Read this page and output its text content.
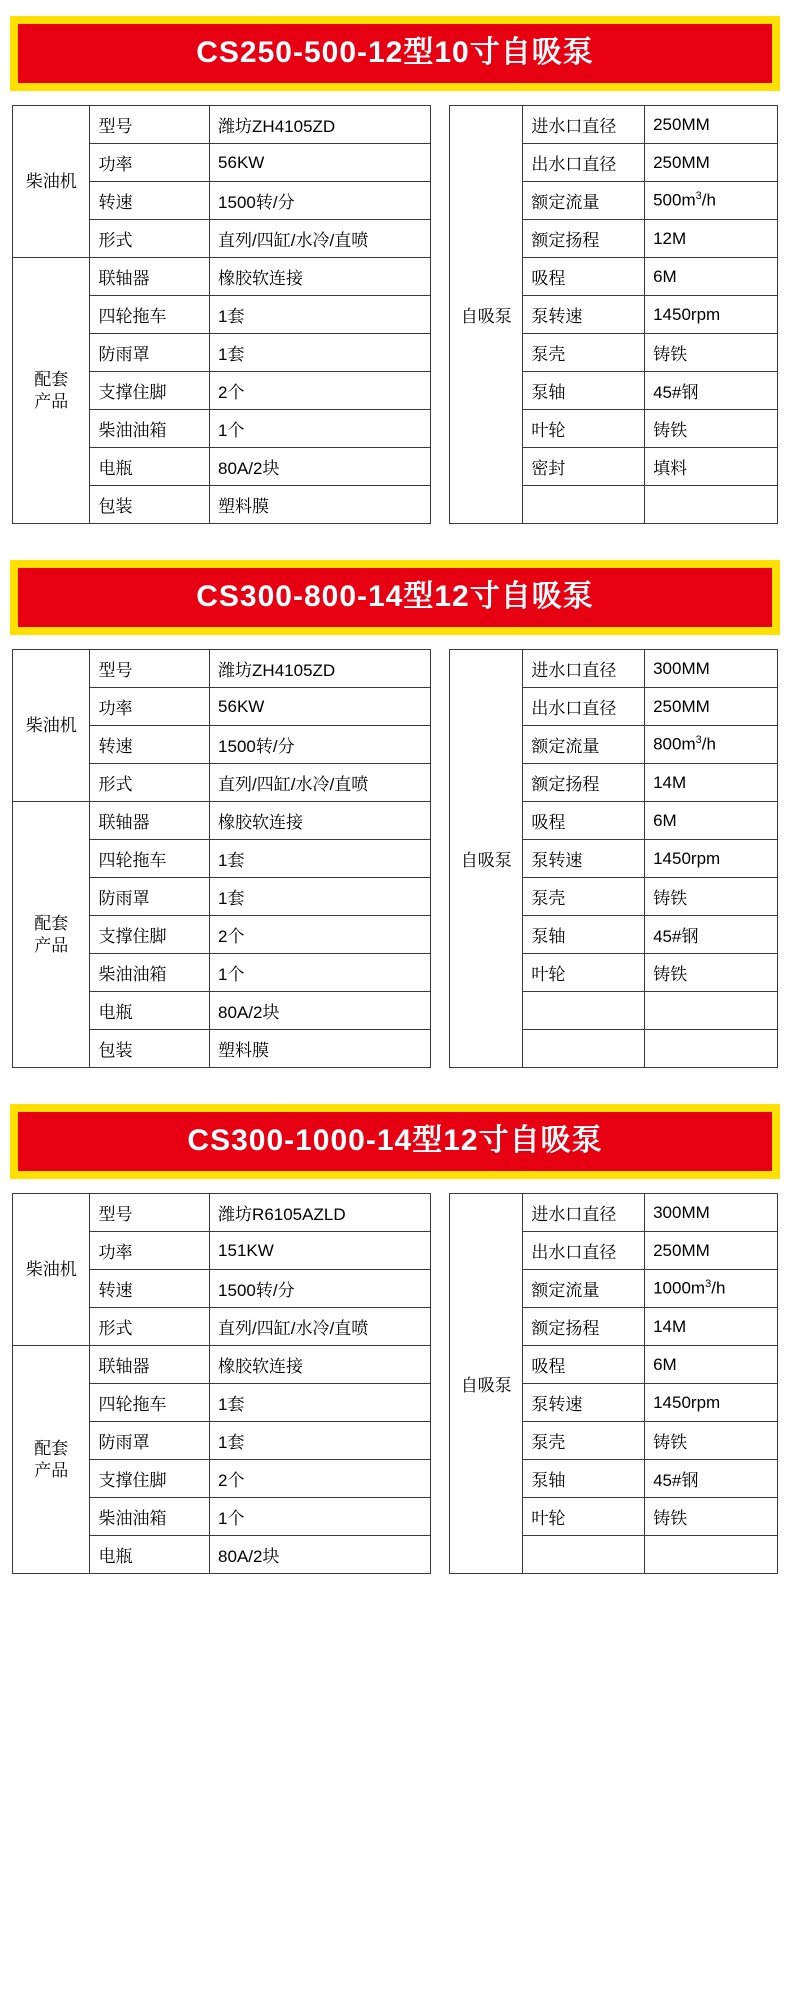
CS250-500-12型10寸自吸泵
柴油机	型号	潍坊ZH4105ZD		自吸泵	进水口直径	250MM
	功率	56KW			出水口直径	250MM
	转速	1500转/分			额定流量	$500m^3/h$
	形式	直列/四缸/水冷/直喷			额定扬程	12M
配套
产品	联轴器	橡胶软连接			吸程	6M
	四轮拖车	1套			泵转速	1450rpm
	防雨罩	1套			泵壳	铸铁
	支撑住脚	2个			泵轴	45#钢
	柴油油箱	1个			叶轮	铸铁
	电瓶	80A/2块			密封	填料
	包装	塑料膜				
CS300-800-14型12寸自吸泵
柴油机	型号	潍坊ZH4105ZD		自吸泵	进水口直径	300MM
	功率	56KW			出水口直径	250MM
	转速	1500转/分			额定流量	$800m^3/h$
	形式	直列/四缸/水冷/直喷			额定扬程	14M
配套
产品	联轴器	橡胶软连接			吸程	6M
	四轮拖车	1套			泵转速	1450rpm
	防雨罩	1套			泵壳	铸铁
	支撑住脚	2个			泵轴	45#钢
	柴油油箱	1个			叶轮	铸铁
	电瓶	80A/2块				
	包装	塑料膜				
CS300-1000-14型12寸自吸泵
柴油机	型号	潍坊R6105AZLD		自吸泵	进水口直径	300MM
	功率	151KW			出水口直径	250MM
	转速	1500转/分			额定流量	$1000m^3/h$
	形式	直列/四缸/水冷/直喷			额定扬程	14M
配套
产品	联轴器	橡胶软连接			吸程	6M
	四轮拖车	1套			泵转速	1450rpm
	防雨罩	1套			泵壳	铸铁
	支撑住脚	2个			泵轴	45#钢
	柴油油箱	1个			叶轮	铸铁
	电瓶	80A/2块				
